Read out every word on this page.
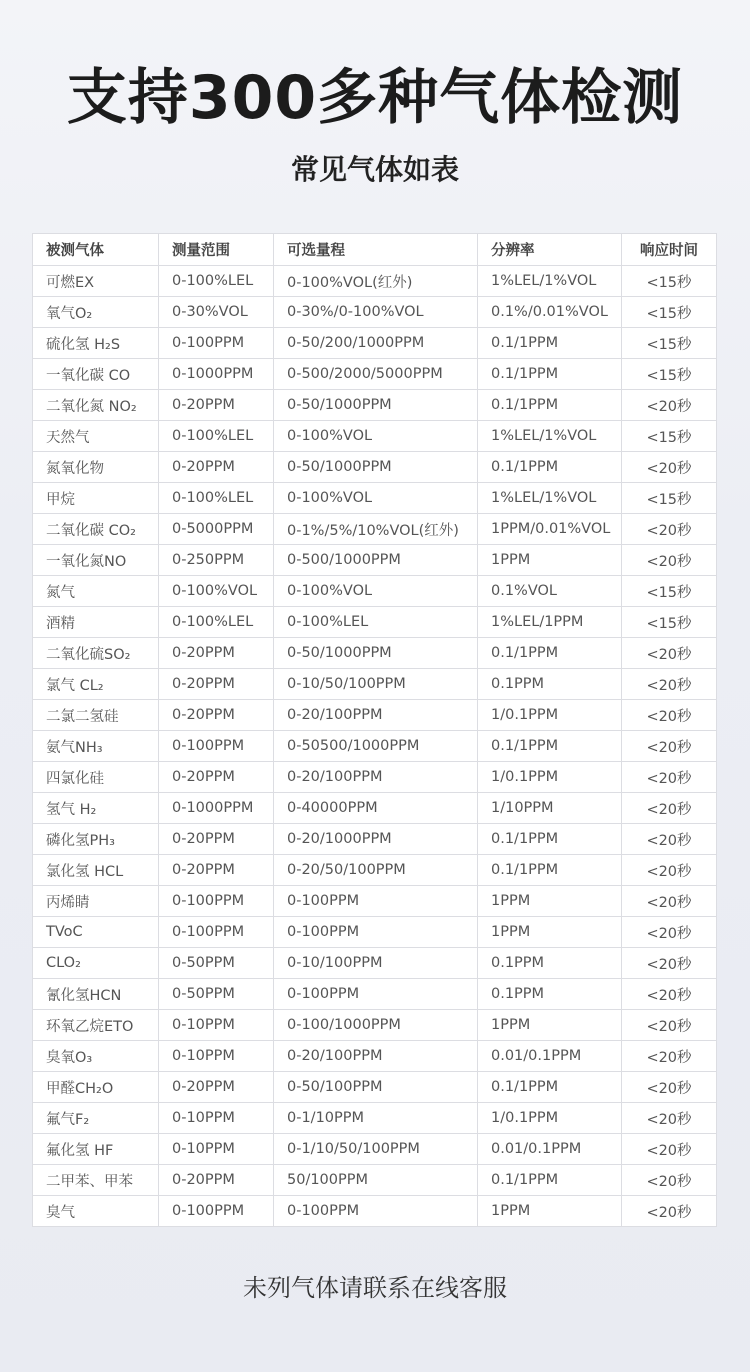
支持300多种气体检测
常见气体如表
被测气体	测量范围	可选量程	分辨率	响应时间
可燃EX	0-100%LEL	0-100%VOL(红外)	1%LEL/1%VOL	<15秒
氧气O₂	0-30%VOL	0-30%/0-100%VOL	0.1%/0.01%VOL	<15秒
硫化氢 H₂S	0-100PPM	0-50/200/1000PPM	0.1/1PPM	<15秒
一氧化碳 CO	0-1000PPM	0-500/2000/5000PPM	0.1/1PPM	<15秒
二氧化氮 NO₂	0-20PPM	0-50/1000PPM	0.1/1PPM	<20秒
天然气	0-100%LEL	0-100%VOL	1%LEL/1%VOL	<15秒
氮氧化物	0-20PPM	0-50/1000PPM	0.1/1PPM	<20秒
甲烷	0-100%LEL	0-100%VOL	1%LEL/1%VOL	<15秒
二氧化碳 CO₂	0-5000PPM	0-1%/5%/10%VOL(红外)	1PPM/0.01%VOL	<20秒
一氧化氮NO	0-250PPM	0-500/1000PPM	1PPM	<20秒
氮气	0-100%VOL	0-100%VOL	0.1%VOL	<15秒
酒精	0-100%LEL	0-100%LEL	1%LEL/1PPM	<15秒
二氧化硫SO₂	0-20PPM	0-50/1000PPM	0.1/1PPM	<20秒
氯气 CL₂	0-20PPM	0-10/50/100PPM	0.1PPM	<20秒
二氯二氢硅	0-20PPM	0-20/100PPM	1/0.1PPM	<20秒
氨气NH₃	0-100PPM	0-50500/1000PPM	0.1/1PPM	<20秒
四氯化硅	0-20PPM	0-20/100PPM	1/0.1PPM	<20秒
氢气 H₂	0-1000PPM	0-40000PPM	1/10PPM	<20秒
磷化氢PH₃	0-20PPM	0-20/1000PPM	0.1/1PPM	<20秒
氯化氢 HCL	0-20PPM	0-20/50/100PPM	0.1/1PPM	<20秒
丙烯睛	0-100PPM	0-100PPM	1PPM	<20秒
TVoC	0-100PPM	0-100PPM	1PPM	<20秒
CLO₂	0-50PPM	0-10/100PPM	0.1PPM	<20秒
氰化氢HCN	0-50PPM	0-100PPM	0.1PPM	<20秒
环氧乙烷ETO	0-10PPM	0-100/1000PPM	1PPM	<20秒
臭氧O₃	0-10PPM	0-20/100PPM	0.01/0.1PPM	<20秒
甲醛CH₂O	0-20PPM	0-50/100PPM	0.1/1PPM	<20秒
氟气F₂	0-10PPM	0-1/10PPM	1/0.1PPM	<20秒
氟化氢 HF	0-10PPM	0-1/10/50/100PPM	0.01/0.1PPM	<20秒
二甲苯、甲苯	0-20PPM	50/100PPM	0.1/1PPM	<20秒
臭气	0-100PPM	0-100PPM	1PPM	<20秒

未列气体请联系在线客服
